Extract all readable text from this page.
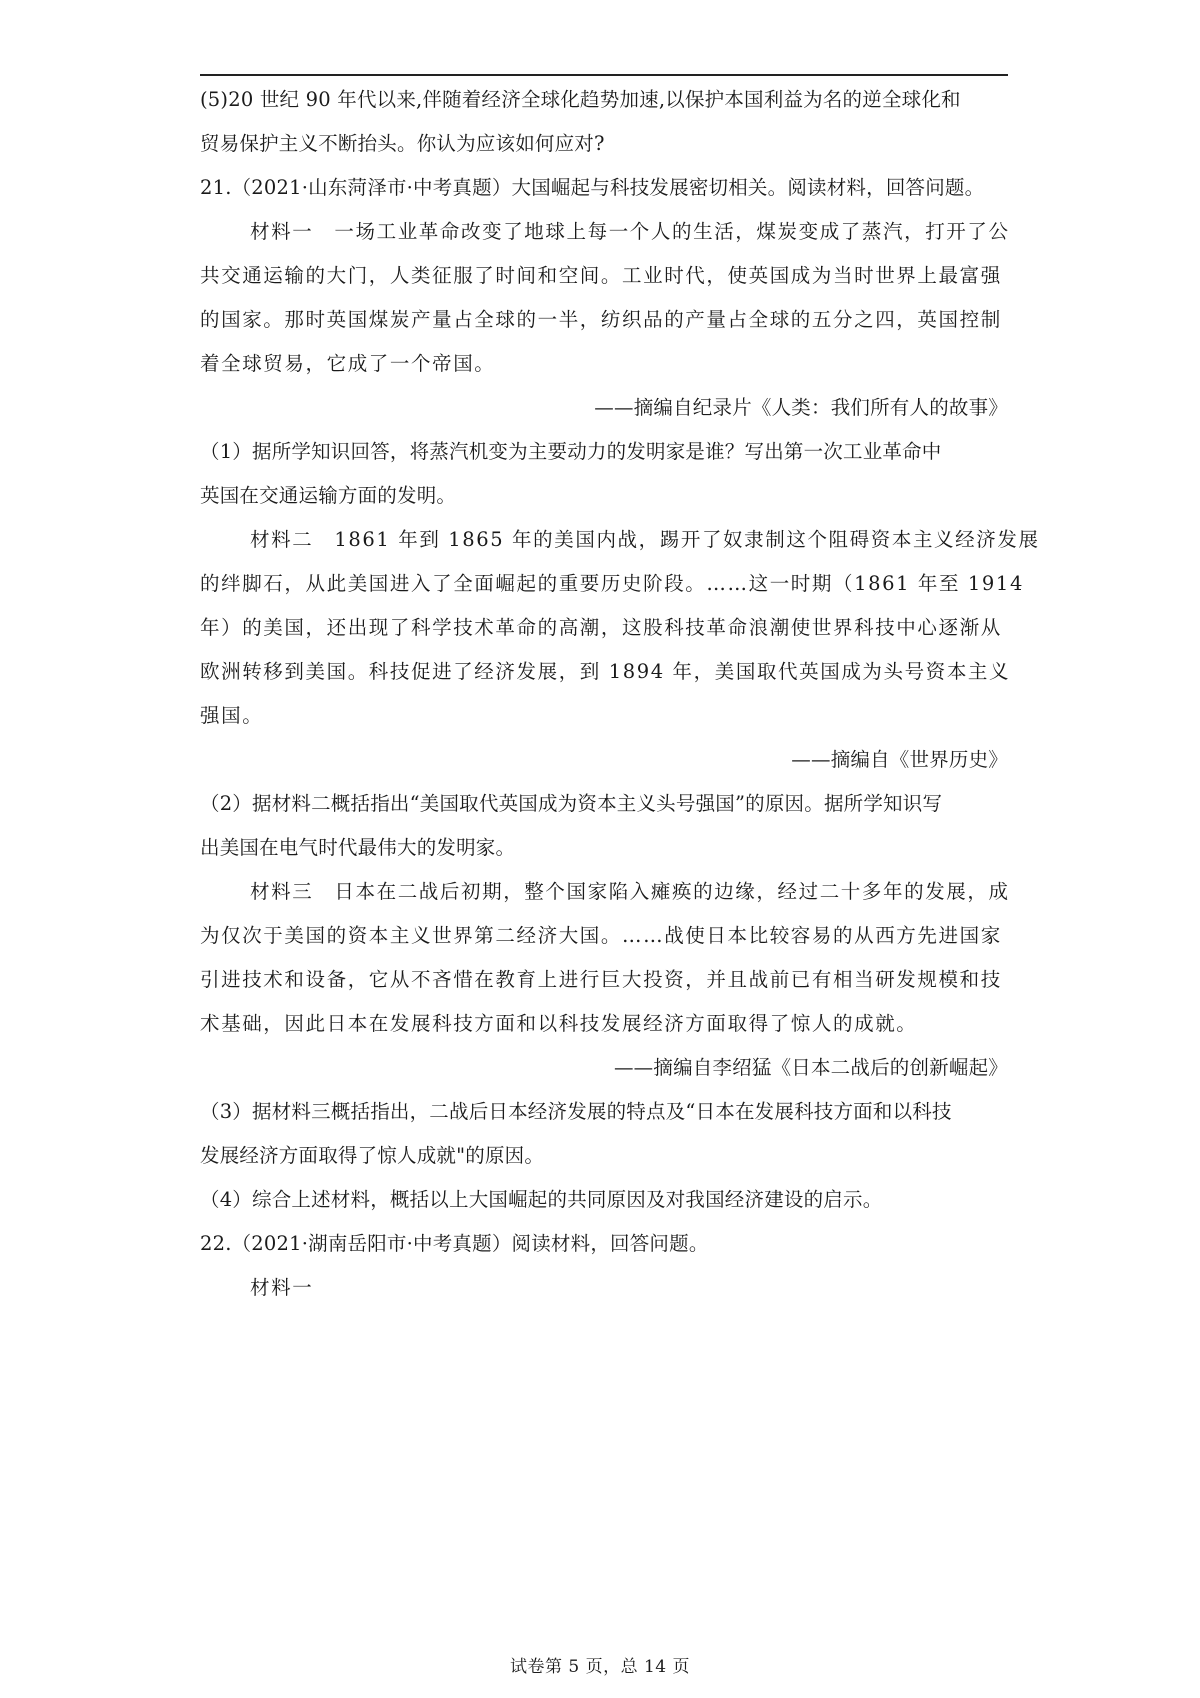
(5)20 世纪 90 年代以来,伴随着经济全球化趋势加速,以保护本国利益为名的逆全球化和
贸易保护主义不断抬头。你认为应该如何应对?
21.（2021·山东菏泽市·中考真题）大国崛起与科技发展密切相关。阅读材料，回答问题。
材料一　一场工业革命改变了地球上每一个人的生活，煤炭变成了蒸汽，打开了公
共交通运输的大门，人类征服了时间和空间。工业时代，使英国成为当时世界上最富强
的国家。那时英国煤炭产量占全球的一半，纺织品的产量占全球的五分之四，英国控制
着全球贸易，它成了一个帝国。
——摘编自纪录片《人类：我们所有人的故事》
（1）据所学知识回答，将蒸汽机变为主要动力的发明家是谁？写出第一次工业革命中
英国在交通运输方面的发明。
材料二　1861 年到 1865 年的美国内战，踢开了奴隶制这个阻碍资本主义经济发展
的绊脚石，从此美国进入了全面崛起的重要历史阶段。……这一时期（1861 年至 1914
年）的美国，还出现了科学技术革命的高潮，这股科技革命浪潮使世界科技中心逐渐从
欧洲转移到美国。科技促进了经济发展，到 1894 年，美国取代英国成为头号资本主义
强国。
——摘编自《世界历史》
（2）据材料二概括指出“美国取代英国成为资本主义头号强国”的原因。据所学知识写
出美国在电气时代最伟大的发明家。
材料三　日本在二战后初期，整个国家陷入瘫痪的边缘，经过二十多年的发展，成
为仅次于美国的资本主义世界第二经济大国。……战使日本比较容易的从西方先进国家
引进技术和设备，它从不吝惜在教育上进行巨大投资，并且战前已有相当研发规模和技
术基础，因此日本在发展科技方面和以科技发展经济方面取得了惊人的成就。
——摘编自李绍猛《日本二战后的创新崛起》
（3）据材料三概括指出，二战后日本经济发展的特点及“日本在发展科技方面和以科技
发展经济方面取得了惊人成就"的原因。
（4）综合上述材料，概括以上大国崛起的共同原因及对我国经济建设的启示。
22.（2021·湖南岳阳市·中考真题）阅读材料，回答问题。
材料一
试卷第 5 页，总 14 页
